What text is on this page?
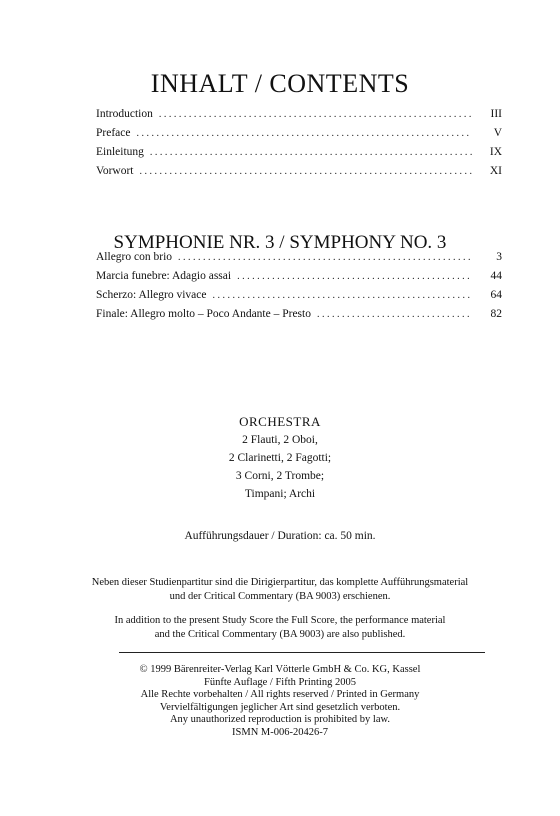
INHALT / CONTENTS
Introduction . . .	III
Preface . . .	V
Einleitung . . .	IX
Vorwort . . .	XI
SYMPHONIE NR. 3 / SYMPHONY NO. 3
Allegro con brio . . .	3
Marcia funebre: Adagio assai . . .	44
Scherzo: Allegro vivace . . .	64
Finale: Allegro molto – Poco Andante – Presto . . .	82
ORCHESTRA
2 Flauti, 2 Oboi,
2 Clarinetti, 2 Fagotti;
3 Corni, 2 Trombe;
Timpani; Archi
Aufführungsdauer / Duration: ca. 50 min.
Neben dieser Studienpartitur sind die Dirigierpartitur, das komplette Aufführungsmaterial
und der Critical Commentary (BA 9003) erschienen.
In addition to the present Study Score the Full Score, the performance material
and the Critical Commentary (BA 9003) are also published.
© 1999 Bärenreiter-Verlag Karl Vötterle GmbH & Co. KG, Kassel
Fünfte Auflage / Fifth Printing 2005
Alle Rechte vorbehalten / All rights reserved / Printed in Germany
Vervielfältigungen jeglicher Art sind gesetzlich verboten.
Any unauthorized reproduction is prohibited by law.
ISMN M-006-20426-7
